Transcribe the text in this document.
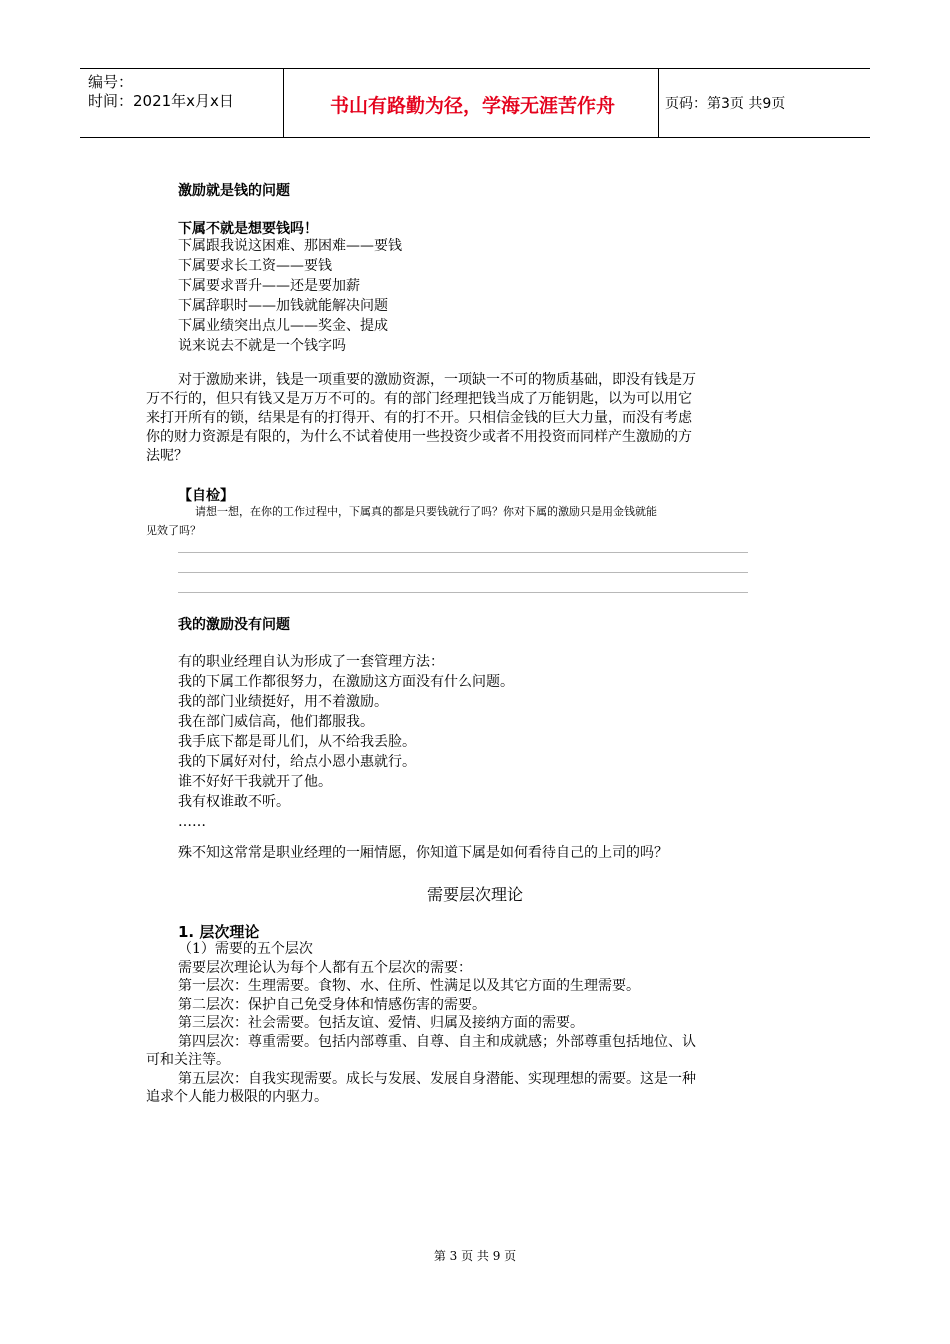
编号：
时间：2021年x月x日	书山有路勤为径，学海无涯苦作舟	页码：第3页 共9页
激励就是钱的问题
下属不就是想要钱吗！
下属跟我说这困难、那困难——要钱
下属要求长工资——要钱
下属要求晋升——还是要加薪
下属辞职时——加钱就能解决问题
下属业绩突出点儿——奖金、提成
说来说去不就是一个钱字吗
对于激励来讲，钱是一项重要的激励资源，一项缺一不可的物质基础，即没有钱是万
万不行的，但只有钱又是万万不可的。有的部门经理把钱当成了万能钥匙，以为可以用它
来打开所有的锁，结果是有的打得开、有的打不开。只相信金钱的巨大力量，而没有考虑
你的财力资源是有限的，为什么不试着使用一些投资少或者不用投资而同样产生激励的方
法呢？
【自检】
请想一想，在你的工作过程中，下属真的都是只要钱就行了吗？你对下属的激励只是用金钱就能
见效了吗？
我的激励没有问题
有的职业经理自认为形成了一套管理方法：
我的下属工作都很努力，在激励这方面没有什么问题。
我的部门业绩挺好，用不着激励。
我在部门威信高，他们都服我。
我手底下都是哥儿们，从不给我丢脸。
我的下属好对付，给点小恩小惠就行。
谁不好好干我就开了他。
我有权谁敢不听。
……
殊不知这常常是职业经理的一厢情愿，你知道下属是如何看待自己的上司的吗？
需要层次理论
1. 层次理论
（1）需要的五个层次
需要层次理论认为每个人都有五个层次的需要：
第一层次：生理需要。食物、水、住所、性满足以及其它方面的生理需要。
第二层次：保护自己免受身体和情感伤害的需要。
第三层次：社会需要。包括友谊、爱情、归属及接纳方面的需要。
第四层次：尊重需要。包括内部尊重、自尊、自主和成就感；外部尊重包括地位、认
可和关注等。
第五层次：自我实现需要。成长与发展、发展自身潜能、实现理想的需要。这是一种
追求个人能力极限的内驱力。
第 3 页 共 9 页
